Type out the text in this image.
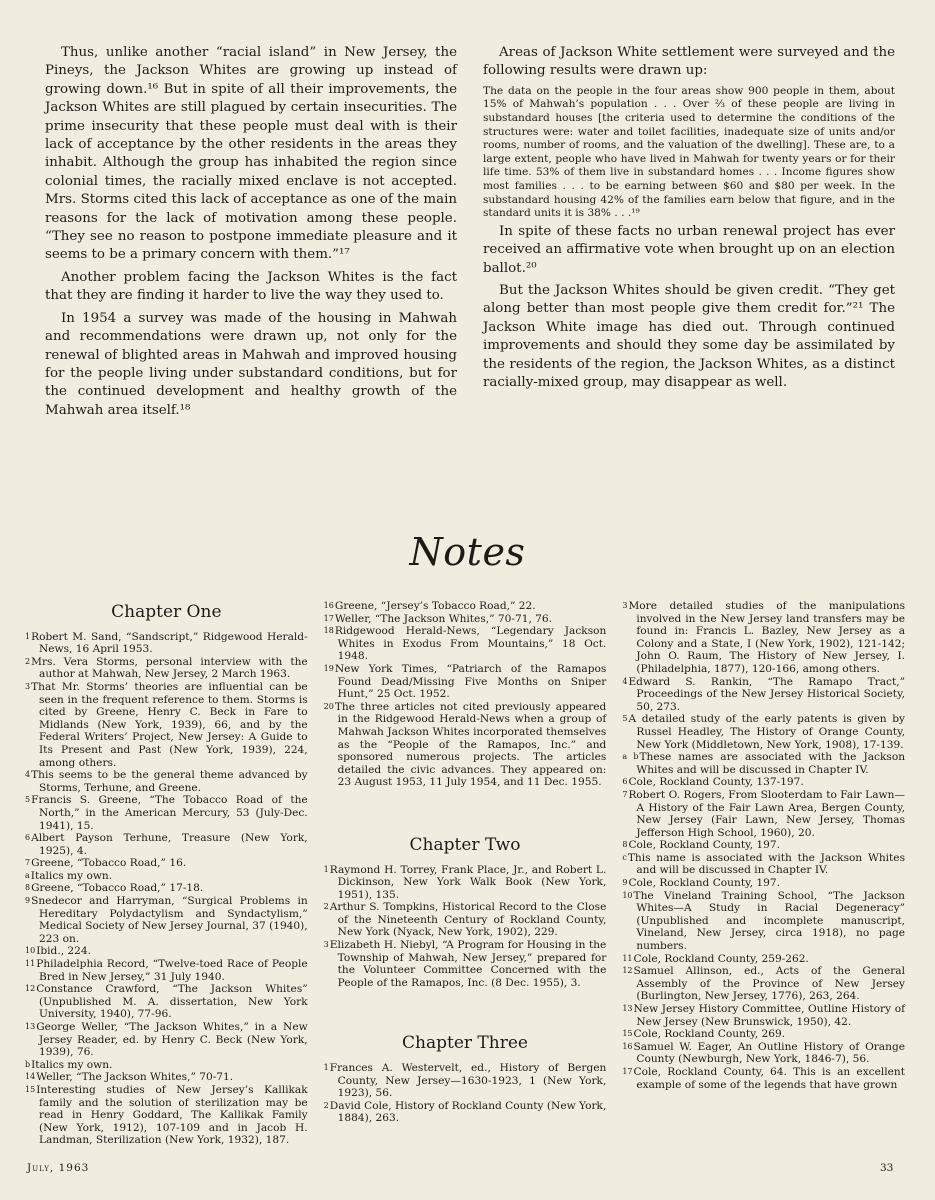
Thus, unlike another “racial island” in New Jersey, the Pineys, the Jackson Whites are growing up instead of growing down.¹⁶ But in spite of all their improvements, the Jackson Whites are still plagued by certain insecurities. The prime insecurity that these people must deal with is their lack of acceptance by the other residents in the areas they inhabit. Although the group has inhabited the region since colonial times, the racially mixed enclave is not accepted. Mrs. Storms cited this lack of acceptance as one of the main reasons for the lack of motivation among these people. “They see no reason to postpone immediate pleasure and it seems to be a primary concern with them.”¹⁷

Another problem facing the Jackson Whites is the fact that they are finding it harder to live the way they used to.

In 1954 a survey was made of the housing in Mahwah and recommendations were drawn up, not only for the renewal of blighted areas in Mahwah and improved housing for the people living under substandard conditions, but for the continued development and healthy growth of the Mahwah area itself.¹⁸

Areas of Jackson White settlement were surveyed and the following results were drawn up:

The data on the people in the four areas show 900 people in them, about 15% of Mahwah’s population . . . Over ⅔ of these people are living in substandard houses [the criteria used to determine the conditions of the structures were: water and toilet facilities, inadequate size of units and/or rooms, number of rooms, and the valuation of the dwelling]. These are, to a large extent, people who have lived in Mahwah for twenty years or for their life time. 53% of them live in substandard homes . . . Income figures show most families . . . to be earning between $60 and $80 per week. In the substandard housing 42% of the families earn below that figure, and in the standard units it is 38% . . .¹⁹

In spite of these facts no urban renewal project has ever received an affirmative vote when brought up on an election ballot.²⁰

But the Jackson Whites should be given credit. “They get along better than most people give them credit for.”²¹ The Jackson White image has died out. Through continued improvements and should they some day be assimilated by the residents of the region, the Jackson Whites, as a distinct racially-mixed group, may disappear as well.

Notes
Chapter One

1Robert M. Sand, “Sandscript,” Ridgewood Herald-News, 16 April 1953.

2Mrs. Vera Storms, personal interview with the author at Mahwah, New Jersey, 2 March 1963.

3That Mr. Storms’ theories are influential can be seen in the frequent reference to them. Storms is cited by Greene, Henry C. Beck in Fare to Midlands (New York, 1939), 66, and by the Federal Writers’ Project, New Jersey: A Guide to Its Present and Past (New York, 1939), 224, among others.

4This seems to be the general theme advanced by Storms, Terhune, and Greene.

5Francis S. Greene, “The Tobacco Road of the North,” in the American Mercury, 53 (July-Dec. 1941), 15.

6Albert Payson Terhune, Treasure (New York, 1925), 4.

7Greene, “Tobacco Road,” 16.

aItalics my own.

8Greene, “Tobacco Road,” 17-18.

9Snedecor and Harryman, “Surgical Problems in Hereditary Polydactylism and Syndactylism,” Medical Society of New Jersey Journal, 37 (1940), 223 on.

10Ibid., 224.

11Philadelphia Record, “Twelve-toed Race of People Bred in New Jersey,” 31 July 1940.

12Constance Crawford, “The Jackson Whites” (Unpublished M. A. dissertation, New York University, 1940), 77-96.

13George Weller, “The Jackson Whites,” in a New Jersey Reader, ed. by Henry C. Beck (New York, 1939), 76.

bItalics my own.

14Weller, “The Jackson Whites,” 70-71.

15Interesting studies of New Jersey’s Kallikak family and the solution of sterilization may be read in Henry Goddard, The Kallikak Family (New York, 1912), 107-109 and in Jacob H. Landman, Sterilization (New York, 1932), 187.

16Greene, “Jersey’s Tobacco Road,” 22.

17Weller, “The Jackson Whites,” 70-71, 76.

18Ridgewood Herald-News, “Legendary Jackson Whites in Exodus From Mountains,” 18 Oct. 1948.

19New York Times, “Patriarch of the Ramapos Found Dead/Missing Five Months on Sniper Hunt,” 25 Oct. 1952.

20The three articles not cited previously appeared in the Ridgewood Herald-News when a group of Mahwah Jackson Whites incorporated themselves as the “People of the Ramapos, Inc.” and sponsored numerous projects. The articles detailed the civic advances. They appeared on: 23 August 1953, 11 July 1954, and 11 Dec. 1955.

Chapter Two

1Raymond H. Torrey, Frank Place, Jr., and Robert L. Dickinson, New York Walk Book (New York, 1951), 135.

2Arthur S. Tompkins, Historical Record to the Close of the Nineteenth Century of Rockland County, New York (Nyack, New York, 1902), 229.

3Elizabeth H. Niebyl, “A Program for Housing in the Township of Mahwah, New Jersey,” prepared for the Volunteer Committee Concerned with the People of the Ramapos, Inc. (8 Dec. 1955), 3.

Chapter Three

1Frances A. Westervelt, ed., History of Bergen County, New Jersey—1630-1923, 1 (New York, 1923), 56.

2David Cole, History of Rockland County (New York, 1884), 263.

3More detailed studies of the manipulations involved in the New Jersey land transfers may be found in: Francis L. Bazley, New Jersey as a Colony and a State, I (New York, 1902), 121-142; John O. Raum, The History of New Jersey, I. (Philadelphia, 1877), 120-166, among others.

4Edward S. Rankin, “The Ramapo Tract,” Proceedings of the New Jersey Historical Society, 50, 273.

5A detailed study of the early patents is given by Russel Headley, The History of Orange County, New York (Middletown, New York, 1908), 17-139.

a bThese names are associated with the Jackson Whites and will be discussed in Chapter IV.

6Cole, Rockland County, 137-197.

7Robert O. Rogers, From Slooterdam to Fair Lawn—A History of the Fair Lawn Area, Bergen County, New Jersey (Fair Lawn, New Jersey, Thomas Jefferson High School, 1960), 20.

8Cole, Rockland County, 197.

cThis name is associated with the Jackson Whites and will be discussed in Chapter IV.

9Cole, Rockland County, 197.

10The Vineland Training School, “The Jackson Whites—A Study in Racial Degeneracy” (Unpublished and incomplete manuscript, Vineland, New Jersey, circa 1918), no page numbers.

11Cole, Rockland County, 259-262.

12Samuel Allinson, ed., Acts of the General Assembly of the Province of New Jersey (Burlington, New Jersey, 1776), 263, 264.

13New Jersey History Committee, Outline History of New Jersey (New Brunswick, 1950), 42.

15Cole, Rockland County, 269.

16Samuel W. Eager, An Outline History of Orange County (Newburgh, New York, 1846-7), 56.

17Cole, Rockland County, 64. This is an excellent example of some of the legends that have grown

July, 1963	33
